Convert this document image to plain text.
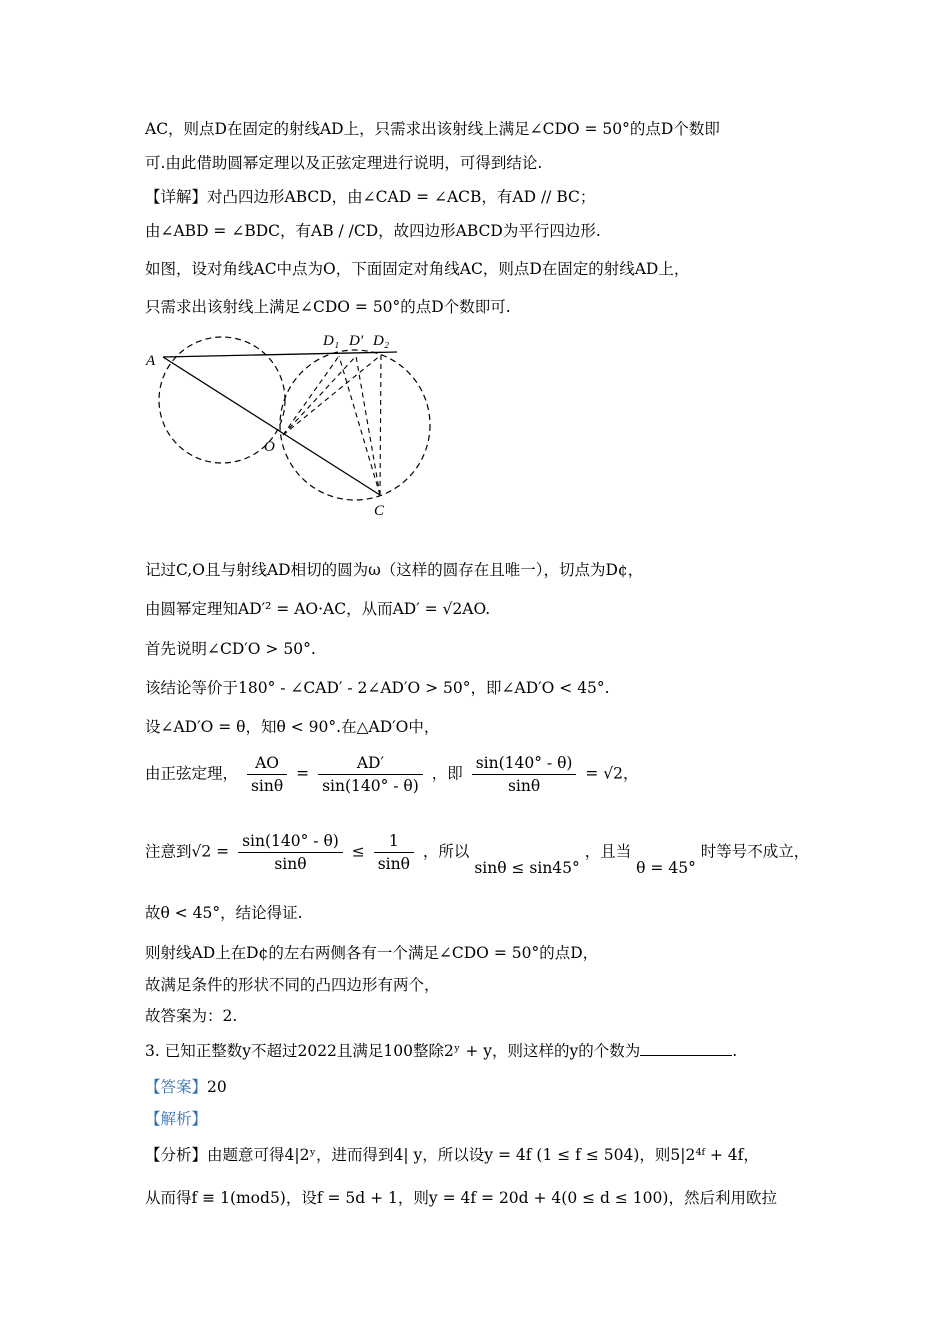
AC，则点D在固定的射线AD上，只需求出该射线上满足∠CDO = 50°的点D个数即
可.由此借助圆幂定理以及正弦定理进行说明，可得到结论.
【详解】对凸四边形ABCD，由∠CAD = ∠ACB，有AD // BC；
由∠ABD = ∠BDC，有AB / /CD，故四边形ABCD为平行四边形.
如图，设对角线AC中点为O，下面固定对角线AC，则点D在固定的射线AD上，
只需求出该射线上满足∠CDO = 50°的点D个数即可.
A
O
C
D₁ D′ D₂
记过C,O且与射线AD相切的圆为ω（这样的圆存在且唯一），切点为D¢，
由圆幂定理知AD′² = AO·AC，从而AD′ = √2AO.
首先说明∠CD′O > 50°.
该结论等价于180° - ∠CAD′ - 2∠AD′O > 50°，即∠AD′O < 45°.
设∠AD′O = θ，知θ < 90°.在△AD′O中，
由正弦定理， $\frac{AO}{\sin\theta} = \frac{AD'}{\sin(140^\circ - \theta)}$ ，即 $\frac{\sin(140^\circ - \theta)}{\sin\theta} = √2$，
注意到$√2 = \frac{\sin(140^\circ - \theta)}{\sin\theta} \le \frac{1}{\sin\theta}$ ，所以 sinθ ≤ sin45° ，且当 θ = 45° 时等号不成立，
故θ < 45°，结论得证.
则射线AD上在D¢的左右两侧各有一个满足∠CDO = 50°的点D，
故满足条件的形状不同的凸四边形有两个，
故答案为：2.
3. 已知正整数y不超过2022且满足100整除2ʸ + y，则这样的y的个数为	.
【答案】20
【解析】
【分析】由题意可得4|2ʸ，进而得到4| y，所以设y = 4f (1 ≤ f ≤ 504)，则5|2⁴ᶠ + 4f，
从而得f ≡ 1(mod5)，设f = 5d + 1，则y = 4f = 20d + 4(0 ≤ d ≤ 100)，然后利用欧拉
